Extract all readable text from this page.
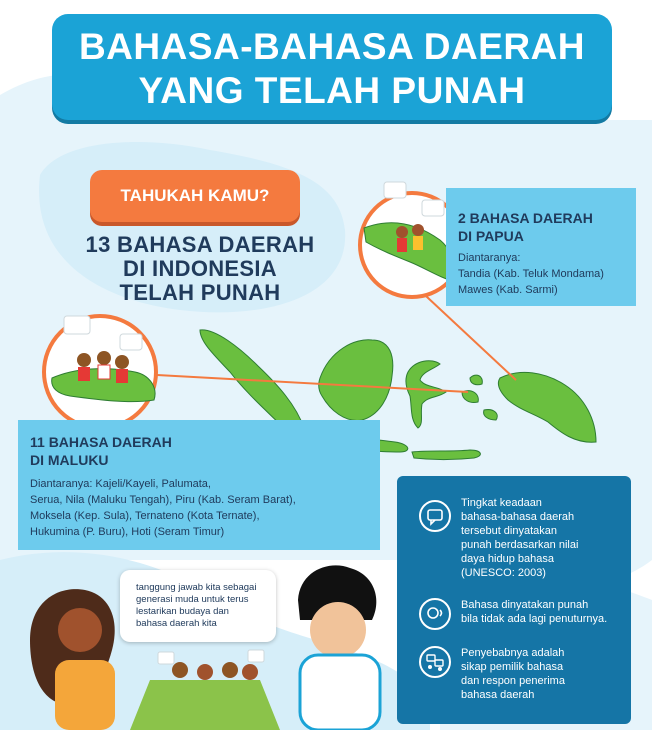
BAHASA-BAHASA DAERAH
YANG TELAH PUNAH
TAHUKAH KAMU?
13 BAHASA DAERAH
DI INDONESIA
TELAH PUNAH
2 BAHASA DAERAH
DI PAPUA
Diantaranya:
Tandia (Kab. Teluk Mondama)
Mawes (Kab. Sarmi)
11 BAHASA DAERAH
DI MALUKU
Diantaranya: Kajeli/Kayeli, Palumata,
Serua, Nila (Maluku Tengah), Piru (Kab. Seram Barat),
Moksela (Kep. Sula), Ternateno (Kota Ternate),
Hukumina (P. Buru), Hoti (Seram Timur)
Tingkat keadaan
bahasa-bahasa daerah
tersebut dinyatakan
punah berdasarkan nilai
daya hidup bahasa
(UNESCO: 2003)
Bahasa dinyatakan punah
bila tidak ada lagi penuturnya.
Penyebabnya adalah
sikap pemilik bahasa
dan respon penerima
bahasa daerah
tanggung jawab kita sebagai
generasi muda untuk terus
lestarikan budaya dan
bahasa daerah kita
